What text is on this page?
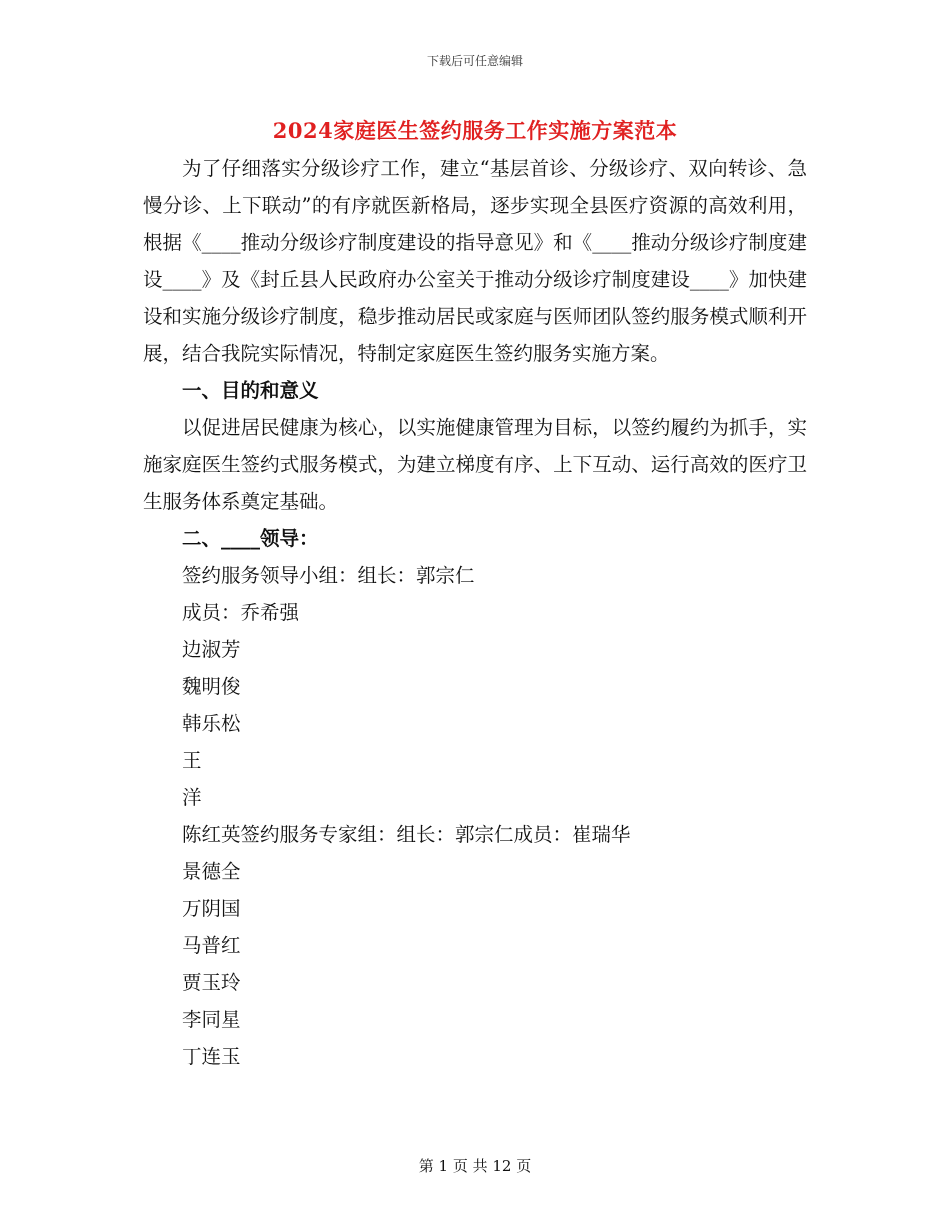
下载后可任意编辑
2024家庭医生签约服务工作实施方案范本

为了仔细落实分级诊疗工作，建立“基层首诊、分级诊疗、双向转诊、急慢分诊、上下联动”的有序就医新格局，逐步实现全县医疗资源的高效利用，根据《____推动分级诊疗制度建设的指导意见》和《____推动分级诊疗制度建设____》及《封丘县人民政府办公室关于推动分级诊疗制度建设____》加快建设和实施分级诊疗制度，稳步推动居民或家庭与医师团队签约服务模式顺利开展，结合我院实际情况，特制定家庭医生签约服务实施方案。

一、目的和意义

以促进居民健康为核心，以实施健康管理为目标，以签约履约为抓手，实施家庭医生签约式服务模式，为建立梯度有序、上下互动、运行高效的医疗卫生服务体系奠定基础。

二、____领导：

签约服务领导小组：组长：郭宗仁

成员：乔希强

边淑芳

魏明俊

韩乐松

王

洋

陈红英签约服务专家组：组长：郭宗仁成员：崔瑞华

景德全

万阴国

马普红

贾玉玲

李同星

丁连玉

第 1 页 共 12 页
